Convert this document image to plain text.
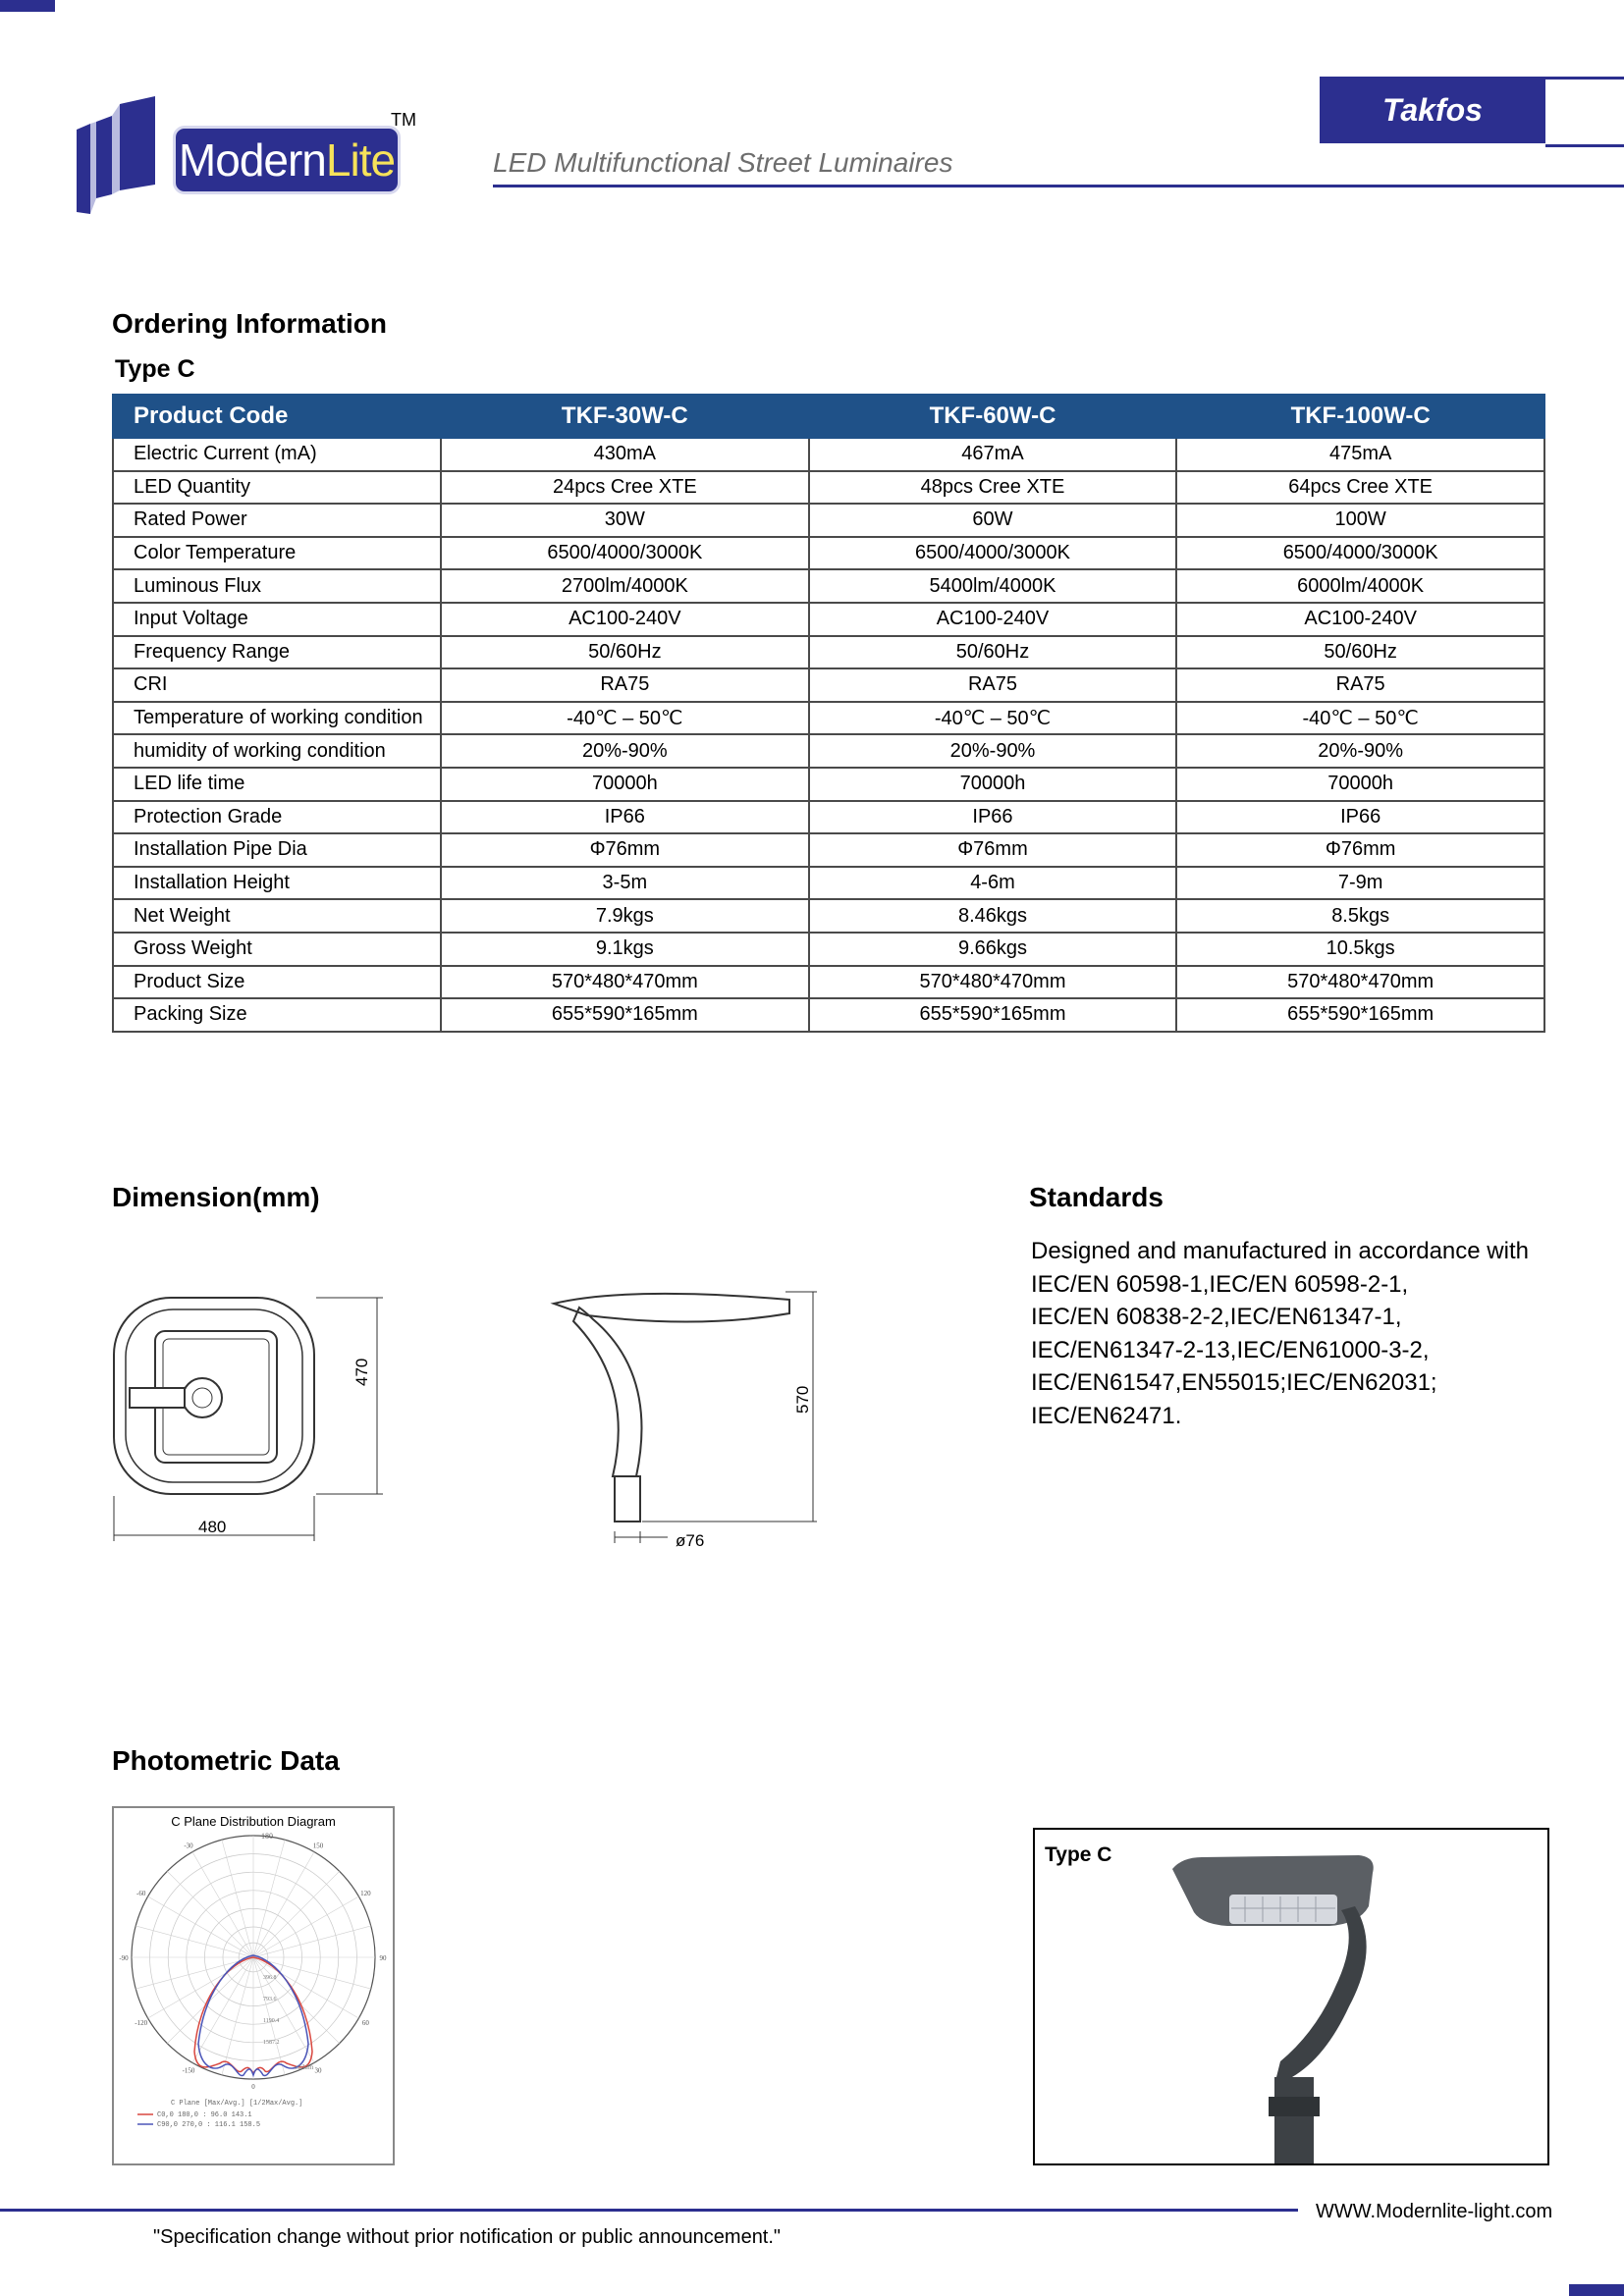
ModernLite
TM
LED Multifunctional Street Luminaires
Takfos
Ordering Information
Type C
Product Code	TKF-30W-C	TKF-60W-C	TKF-100W-C
Electric Current (mA)	430mA	467mA	475mA
LED Quantity	24pcs Cree XTE	48pcs Cree XTE	64pcs Cree XTE
Rated Power	30W	60W	100W
Color Temperature	6500/4000/3000K	6500/4000/3000K	6500/4000/3000K
Luminous Flux	2700lm/4000K	5400lm/4000K	6000lm/4000K
Input Voltage	AC100-240V	AC100-240V	AC100-240V
Frequency Range	50/60Hz	50/60Hz	50/60Hz
CRI	RA75	RA75	RA75
Temperature of working condition	-40℃ – 50℃	-40℃ – 50℃	-40℃ – 50℃
humidity of working condition	20%-90%	20%-90%	20%-90%
LED life time	70000h	70000h	70000h
Protection Grade	IP66	IP66	IP66
Installation Pipe Dia	Φ76mm	Φ76mm	Φ76mm
Installation Height	3-5m	4-6m	7-9m
Net Weight	7.9kgs	8.46kgs	8.5kgs
Gross Weight	9.1kgs	9.66kgs	10.5kgs
Product Size	570*480*470mm	570*480*470mm	570*480*470mm
Packing Size	655*590*165mm	655*590*165mm	655*590*165mm
Dimension(mm)
470
480
570
ø76
Standards
Designed and manufactured in accordance with
IEC/EN 60598-1,IEC/EN 60598-2-1,
IEC/EN 60838-2-2,IEC/EN61347-1,
IEC/EN61347-2-13,IEC/EN61000-3-2,
IEC/EN61547,EN55015;IEC/EN62031;
IEC/EN62471.
Photometric Data
C Plane Distribution Diagram
180
-150
150
-120
120
-90	90
-60
60
-30
30
0
396.8
793.6
1190.4
1587.2
cd/klm
C Plane [Max/Avg.] [1/2Max/Avg.]
C0,0 180,0 : 96.0 143.1
C90,0 270,0 : 116.1 158.5
Type C
WWW.Modernlite-light.com
"Specification change without prior notification or public announcement."
